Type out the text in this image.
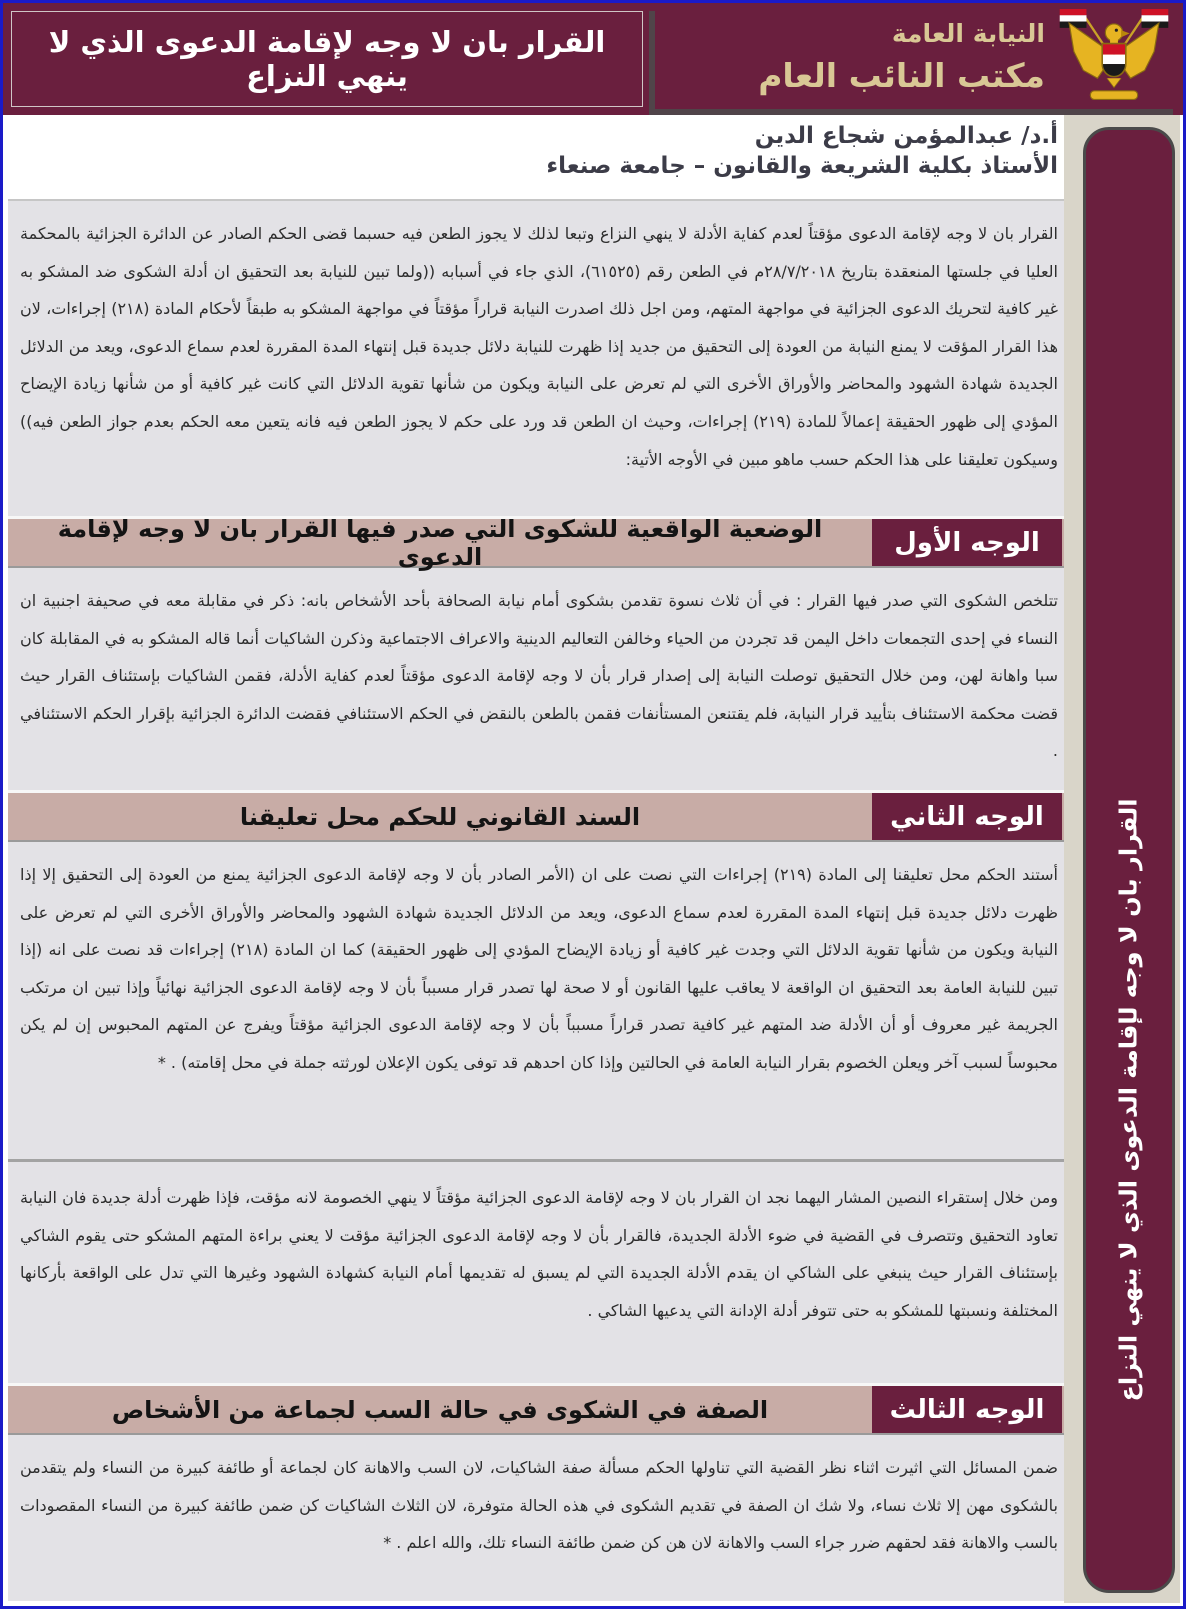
القرار بان لا وجه لإقامة الدعوى الذي لا ينهي النزاع
النيابة العامة
مكتب النائب العام
أ.د/ عبدالمؤمن شجاع الدين
الأستاذ بكلية الشريعة والقانون – جامعة صنعاء
القرار بان لا وجه لإقامة الدعوى مؤقتاً لعدم كفاية الأدلة لا ينهي النزاع وتبعا لذلك لا يجوز الطعن فيه حسبما قضى الحكم الصادر عن الدائرة الجزائية بالمحكمة العليا في جلستها المنعقدة بتاريخ ٢٨/٧/٢٠١٨م في الطعن رقم (٦١٥٢٥)، الذي جاء في أسبابه ((ولما تبين للنيابة بعد التحقيق ان أدلة الشكوى ضد المشكو به غير كافية لتحريك الدعوى الجزائية في مواجهة المتهم، ومن اجل ذلك اصدرت النيابة قراراً مؤقتاً في مواجهة المشكو به طبقاً لأحكام المادة (٢١٨) إجراءات، لان هذا القرار المؤقت لا يمنع النيابة من العودة إلى التحقيق من جديد إذا ظهرت للنيابة دلائل جديدة قبل إنتهاء المدة المقررة لعدم سماع الدعوى، ويعد من الدلائل الجديدة شهادة الشهود والمحاضر والأوراق الأخرى التي لم تعرض على النيابة ويكون من شأنها تقوية الدلائل التي كانت غير كافية أو من شأنها زيادة الإيضاح المؤدي إلى ظهور الحقيقة إعمالاً للمادة (٢١٩) إجراءات، وحيث ان الطعن قد ورد على حكم لا يجوز الطعن فيه فانه يتعين معه الحكم بعدم جواز الطعن فيه)) وسيكون تعليقنا على هذا الحكم حسب ماهو مبين في الأوجه الأتية:
الوجه الأول
الوضعية الواقعية للشكوى التي صدر فيها القرار بان لا وجه لإقامة الدعوى
تتلخص الشكوى التي صدر فيها القرار : في أن ثلاث نسوة تقدمن بشكوى أمام نيابة الصحافة بأحد الأشخاص بانه: ذكر في مقابلة معه في صحيفة اجنبية ان النساء في إحدى التجمعات داخل اليمن قد تجردن من الحياء وخالفن التعاليم الدينية والاعراف الاجتماعية وذكرن الشاكيات أنما قاله المشكو به في المقابلة كان سبا واهانة لهن، ومن خلال التحقيق توصلت النيابة إلى إصدار قرار بأن لا وجه لإقامة الدعوى مؤقتاً لعدم كفاية الأدلة، فقمن الشاكيات بإستئناف القرار حيث قضت محكمة الاستئناف بتأييد قرار النيابة، فلم يقتنعن المستأنفات فقمن بالطعن بالنقض في الحكم الاستئنافي فقضت الدائرة الجزائية بإقرار الحكم الاستئنافي .
الوجه الثاني
السند القانوني للحكم محل تعليقنا
أستند الحكم محل تعليقنا إلى المادة (٢١٩) إجراءات التي نصت على ان (الأمر الصادر بأن لا وجه لإقامة الدعوى الجزائية يمنع من العودة إلى التحقيق إلا إذا ظهرت دلائل جديدة قبل إنتهاء المدة المقررة لعدم سماع الدعوى، ويعد من الدلائل الجديدة شهادة الشهود والمحاضر والأوراق الأخرى التي لم تعرض على النيابة ويكون من شأنها تقوية الدلائل التي وجدت غير كافية أو زيادة الإيضاح المؤدي إلى ظهور الحقيقة) كما ان المادة (٢١٨) إجراءات قد نصت على انه (إذا تبين للنيابة العامة بعد التحقيق ان الواقعة لا يعاقب عليها القانون أو لا صحة لها تصدر قرار مسبباً بأن لا وجه لإقامة الدعوى الجزائية نهائياً وإذا تبين ان مرتكب الجريمة غير معروف أو أن الأدلة ضد المتهم غير كافية تصدر قراراً مسبباً بأن لا وجه لإقامة الدعوى الجزائية مؤقتاً ويفرج عن المتهم المحبوس إن لم يكن محبوساً لسبب آخر ويعلن الخصوم بقرار النيابة العامة في الحالتين وإذا كان احدهم قد توفى يكون الإعلان لورثته جملة في محل إقامته) . *
ومن خلال إستقراء النصين المشار اليهما نجد ان القرار بان لا وجه لإقامة الدعوى الجزائية مؤقتاً لا ينهي الخصومة لانه مؤقت، فإذا ظهرت أدلة جديدة فان النيابة تعاود التحقيق وتتصرف في القضية في ضوء الأدلة الجديدة، فالقرار بأن لا وجه لإقامة الدعوى الجزائية مؤقت لا يعني براءة المتهم المشكو حتى يقوم الشاكي بإستئناف القرار حيث ينبغي على الشاكي ان يقدم الأدلة الجديدة التي لم يسبق له تقديمها أمام النيابة كشهادة الشهود وغيرها التي تدل على الواقعة بأركانها المختلفة ونسبتها للمشكو به حتى تتوفر أدلة الإدانة التي يدعيها الشاكي .
الوجه الثالث
الصفة في الشكوى في حالة السب لجماعة من الأشخاص
ضمن المسائل التي اثيرت اثناء نظر القضية التي تناولها الحكم مسألة صفة الشاكيات، لان السب والاهانة كان لجماعة أو طائفة كبيرة من النساء ولم يتقدمن بالشكوى مهن إلا ثلاث نساء، ولا شك ان الصفة في تقديم الشكوى في هذه الحالة متوفرة، لان الثلاث الشاكيات كن ضمن طائفة كبيرة من النساء المقصودات بالسب والاهانة فقد لحقهم ضرر جراء السب والاهانة لان هن كن ضمن طائفة النساء تلك، والله اعلم . *
القرار بان لا وجه لإقامة الدعوى الذي لا ينهي النزاع
